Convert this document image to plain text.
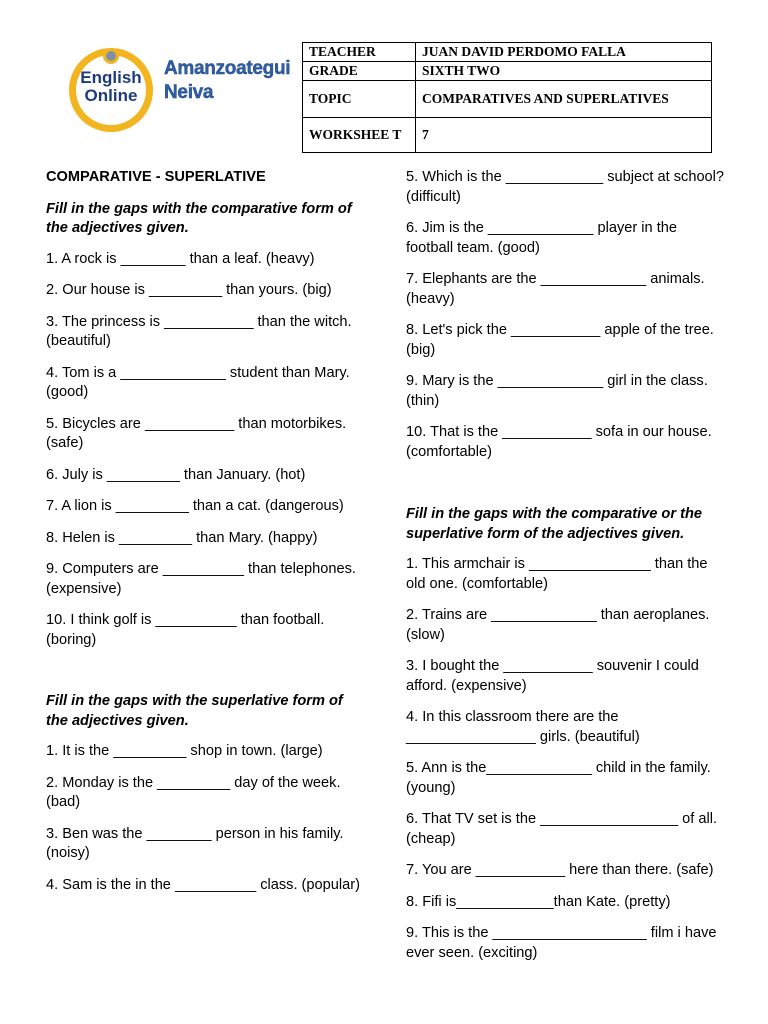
English
Online
Amanzoategui
Neiva
TEACHER	JUAN DAVID PERDOMO FALLA
GRADE	SIXTH TWO
TOPIC	COMPARATIVES AND SUPERLATIVES
WORKSHEE T	7

COMPARATIVE - SUPERLATIVE

Fill in the gaps with the comparative form of the adjectives given.

1. A rock is ________ than a leaf. (heavy)

2. Our house is _________ than yours. (big)

3. The princess is ___________ than the witch. (beautiful)

4. Tom is a _____________ student than Mary. (good)

5. Bicycles are ___________ than motorbikes. (safe)

6. July is _________ than January. (hot)

7. A lion is _________ than a cat. (dangerous)

8. Helen is _________ than Mary. (happy)

9. Computers are __________ than telephones. (expensive)

10. I think golf is __________ than football. (boring)

Fill in the gaps with the superlative form of the adjectives given.

1. It is the _________ shop in town. (large)

2. Monday is the _________ day of the week. (bad)

3. Ben was the ________ person in his family. (noisy)

4. Sam is the in the __________ class. (popular)

5. Which is the ____________ subject at school? (difficult)

6. Jim is the _____________ player in the football team. (good)

7. Elephants are the _____________ animals. (heavy)

8. Let's pick the ___________ apple of the tree. (big)

9. Mary is the _____________ girl in the class. (thin)

10. That is the ___________ sofa in our house. (comfortable)

Fill in the gaps with the comparative or the superlative form of the adjectives given.

1. This armchair is _______________ than the old one. (comfortable)

2. Trains are _____________ than aeroplanes. (slow)

3. I bought the ___________ souvenir I could afford. (expensive)

4. In this classroom there are the ________________ girls. (beautiful)

5. Ann is the_____________ child in the family. (young)

6. That TV set is the _________________ of all. (cheap)

7. You are ___________ here than there. (safe)

8. Fifi is____________than Kate. (pretty)

9. This is the ___________________ film i have ever seen. (exciting)
